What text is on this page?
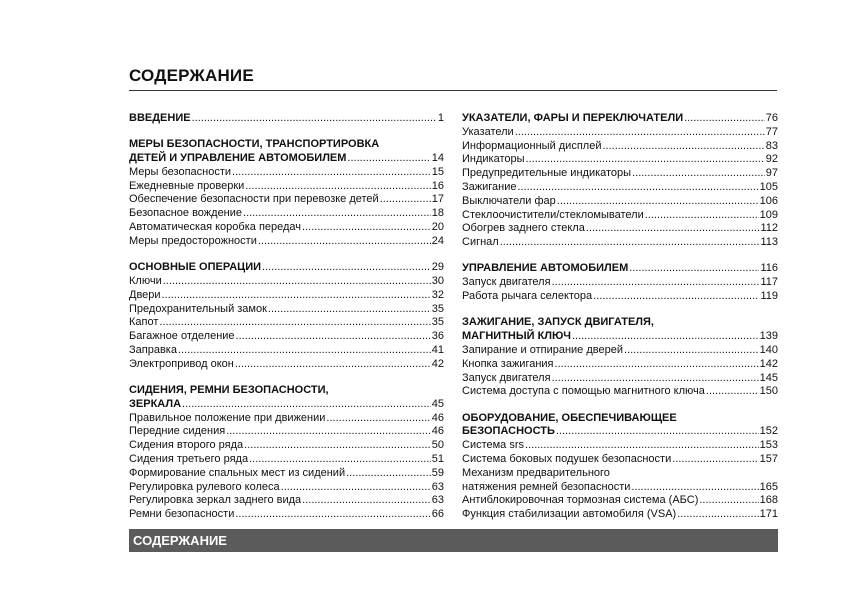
СОДЕРЖАНИЕ
ВВЕДЕНИЕ .....	1
МЕРЫ БЕЗОПАСНОСТИ, ТРАНСПОРТИРОВКА
ДЕТЕЙ И УПРАВЛЕНИЕ АВТОМОБИЛЕМ .....	14
Меры безопасности .....	15
Ежедневные проверки .....	16
Обеспечение безопасности при перевозке детей .....	17
Безопасное вождение .....	18
Автоматическая коробка передач .....	20
Меры предосторожности .....	24
ОСНОВНЫЕ ОПЕРАЦИИ .....	29
Ключи .....	30
Двери .....	32
Предохранительный замок .....	35
Капот .....	35
Багажное отделение .....	36
Заправка .....	41
Электропривод окон .....	42
СИДЕНИЯ, РЕМНИ БЕЗОПАСНОСТИ,
ЗЕРКАЛА .....	45
Правильное положение при движении .....	46
Передние сидения .....	46
Сидения второго ряда .....	50
Сидения третьего ряда .....	51
Формирование спальных мест из сидений .....	59
Регулировка рулевого колеса .....	63
Регулировка зеркал заднего вида .....	63
Ремни безопасности .....	66
УКАЗАТЕЛИ, ФАРЫ И ПЕРЕКЛЮЧАТЕЛИ .....	76
Указатели .....	77
Информационный дисплей .....	83
Индикаторы .....	92
Предупредительные индикаторы .....	97
Зажигание .....	105
Выключатели фар .....	106
Стеклоочистители/стекломыватели .....	109
Обогрев заднего стекла .....	112
Сигнал .....	113
УПРАВЛЕНИЕ АВТОМОБИЛЕМ .....	116
Запуск двигателя .....	117
Работа рычага селектора .....	119
ЗАЖИГАНИЕ, ЗАПУСК ДВИГАТЕЛЯ,
МАГНИТНЫЙ КЛЮЧ .....	139
Запирание и отпирание дверей .....	140
Кнопка зажигания .....	142
Запуск двигателя .....	145
Система доступа с помощью магнитного ключа .....	150
ОБОРУДОВАНИЕ, ОБЕСПЕЧИВАЮЩЕЕ
БЕЗОПАСНОСТЬ .....	152
Система srs .....	153
Система боковых подушек безопасности .....	157
Механизм предварительного
натяжения ремней безопасности .....	165
Антиблокировочная тормозная система (АБС) .....	168
Функция стабилизации автомобиля (VSA) .....	171
СОДЕРЖАНИЕ
